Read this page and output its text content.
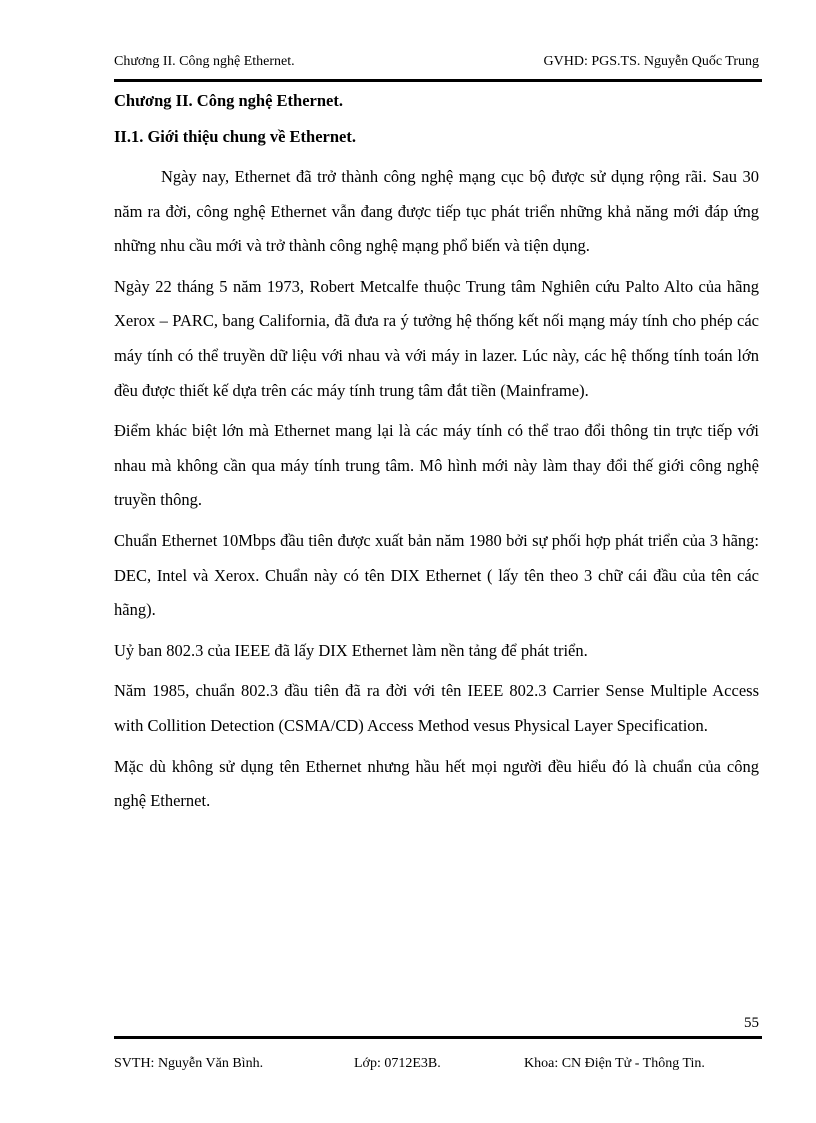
Chương II. Công nghệ Ethernet.	GVHD: PGS.TS. Nguyễn Quốc Trung
Chương II. Công nghệ Ethernet.
II.1. Giới thiệu chung về Ethernet.

Ngày nay, Ethernet đã trở thành công nghệ mạng cục bộ được sử dụng rộng rãi. Sau 30 năm ra đời, công nghệ Ethernet vẫn đang được tiếp tục phát triển những khả năng mới đáp ứng những nhu cầu mới và trở thành công nghệ mạng phổ biến và tiện dụng.

Ngày 22 tháng 5 năm 1973, Robert Metcalfe thuộc Trung tâm Nghiên cứu Palto Alto của hãng Xerox – PARC, bang California, đã đưa ra ý tưởng hệ thống kết nối mạng máy tính cho phép các máy tính có thể truyền dữ liệu với nhau và với máy in lazer. Lúc này, các hệ thống tính toán lớn đều được thiết kế dựa trên các máy tính trung tâm đắt tiền (Mainframe).

Điểm khác biệt lớn mà Ethernet mang lại là các máy tính có thể trao đổi thông tin trực tiếp với nhau mà không cần qua máy tính trung tâm. Mô hình mới này làm thay đổi thế giới công nghệ truyền thông.

Chuẩn Ethernet 10Mbps đầu tiên được xuất bản năm 1980 bởi sự phối hợp phát triển của 3 hãng: DEC, Intel và Xerox. Chuẩn này có tên DIX Ethernet ( lấy tên theo 3 chữ cái đầu của tên các hãng).

Uỷ ban 802.3 của IEEE đã lấy DIX Ethernet làm nền tảng để phát triển.

Năm 1985, chuẩn 802.3 đầu tiên đã ra đời với tên IEEE 802.3 Carrier Sense Multiple Access with Collition Detection (CSMA/CD) Access Method vesus Physical Layer Specification.

Mặc dù không sử dụng tên Ethernet nhưng hầu hết mọi người đều hiểu đó là chuẩn của công nghệ Ethernet.

55
SVTH: Nguyễn Văn Bình.	Lớp: 0712E3B.	Khoa: CN Điện Tử - Thông Tin.
